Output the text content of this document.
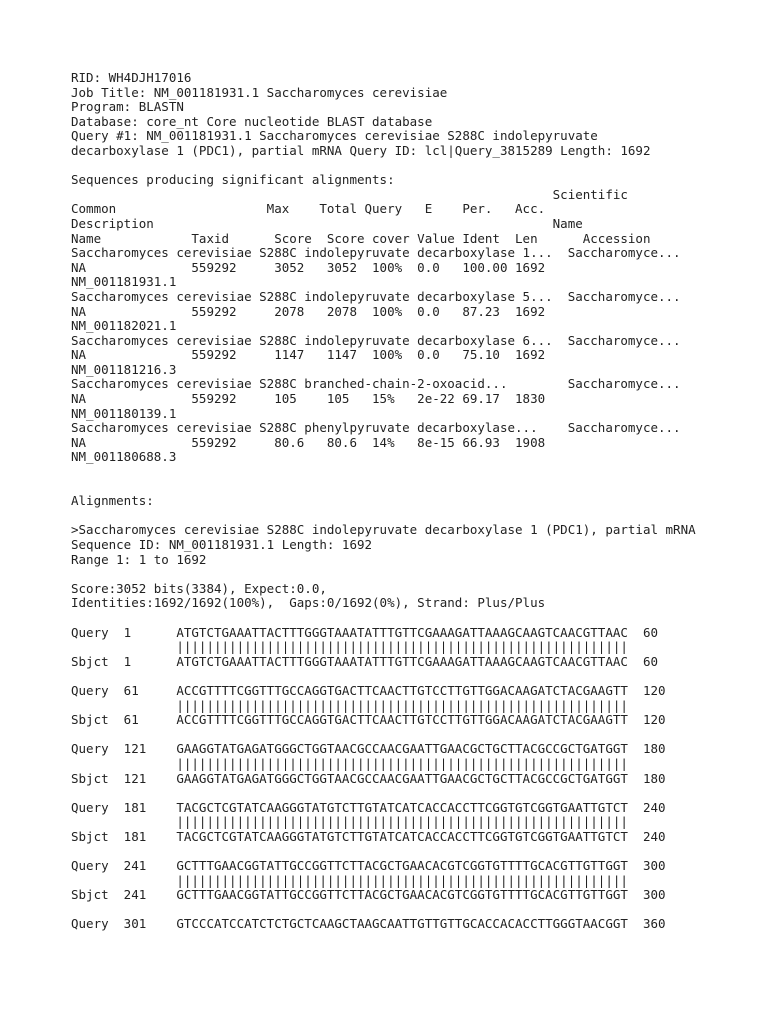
RID: WH4DJH17016
Job Title: NM_001181931.1 Saccharomyces cerevisiae
Program: BLASTN
Database: core_nt Core nucleotide BLAST database
Query #1: NM_001181931.1 Saccharomyces cerevisiae S288C indolepyruvate
decarboxylase 1 (PDC1), partial mRNA Query ID: lcl|Query_3815289 Length: 1692
Sequences producing significant alignments:
Scientific
Common                    Max    Total Query   E    Per.   Acc.
Description                                                     Name
Name            Taxid      Score  Score cover Value Ident  Len      Accession
Saccharomyces cerevisiae S288C indolepyruvate decarboxylase 1...  Saccharomyce...
NA              559292     3052   3052  100%  0.0   100.00 1692
NM_001181931.1
Saccharomyces cerevisiae S288C indolepyruvate decarboxylase 5...  Saccharomyce...
NA              559292     2078   2078  100%  0.0   87.23  1692
NM_001182021.1
Saccharomyces cerevisiae S288C indolepyruvate decarboxylase 6...  Saccharomyce...
NA              559292     1147   1147  100%  0.0   75.10  1692
NM_001181216.3
Saccharomyces cerevisiae S288C branched-chain-2-oxoacid...        Saccharomyce...
NA              559292     105    105   15%   2e-22 69.17  1830
NM_001180139.1
Saccharomyces cerevisiae S288C phenylpyruvate decarboxylase...    Saccharomyce...
NA              559292     80.6   80.6  14%   8e-15 66.93  1908
NM_001180688.3
Alignments:
>Saccharomyces cerevisiae S288C indolepyruvate decarboxylase 1 (PDC1), partial mRNA
Sequence ID: NM_001181931.1 Length: 1692
Range 1: 1 to 1692
Score:3052 bits(3384), Expect:0.0,
Identities:1692/1692(100%),  Gaps:0/1692(0%), Strand: Plus/Plus
Query  1      ATGTCTGAAATTACTTTGGGTAAATATTTGTTCGAAAGATTAAAGCAAGTCAACGTTAAC  60
||||||||||||||||||||||||||||||||||||||||||||||||||||||||||||
Sbjct  1      ATGTCTGAAATTACTTTGGGTAAATATTTGTTCGAAAGATTAAAGCAAGTCAACGTTAAC  60
Query  61     ACCGTTTTCGGTTTGCCAGGTGACTTCAACTTGTCCTTGTTGGACAAGATCTACGAAGTT  120
||||||||||||||||||||||||||||||||||||||||||||||||||||||||||||
Sbjct  61     ACCGTTTTCGGTTTGCCAGGTGACTTCAACTTGTCCTTGTTGGACAAGATCTACGAAGTT  120
Query  121    GAAGGTATGAGATGGGCTGGTAACGCCAACGAATTGAACGCTGCTTACGCCGCTGATGGT  180
||||||||||||||||||||||||||||||||||||||||||||||||||||||||||||
Sbjct  121    GAAGGTATGAGATGGGCTGGTAACGCCAACGAATTGAACGCTGCTTACGCCGCTGATGGT  180
Query  181    TACGCTCGTATCAAGGGTATGTCTTGTATCATCACCACCTTCGGTGTCGGTGAATTGTCT  240
||||||||||||||||||||||||||||||||||||||||||||||||||||||||||||
Sbjct  181    TACGCTCGTATCAAGGGTATGTCTTGTATCATCACCACCTTCGGTGTCGGTGAATTGTCT  240
Query  241    GCTTTGAACGGTATTGCCGGTTCTTACGCTGAACACGTCGGTGTTTTGCACGTTGTTGGT  300
||||||||||||||||||||||||||||||||||||||||||||||||||||||||||||
Sbjct  241    GCTTTGAACGGTATTGCCGGTTCTTACGCTGAACACGTCGGTGTTTTGCACGTTGTTGGT  300
Query  301    GTCCCATCCATCTCTGCTCAAGCTAAGCAATTGTTGTTGCACCACACCTTGGGTAACGGT  360
